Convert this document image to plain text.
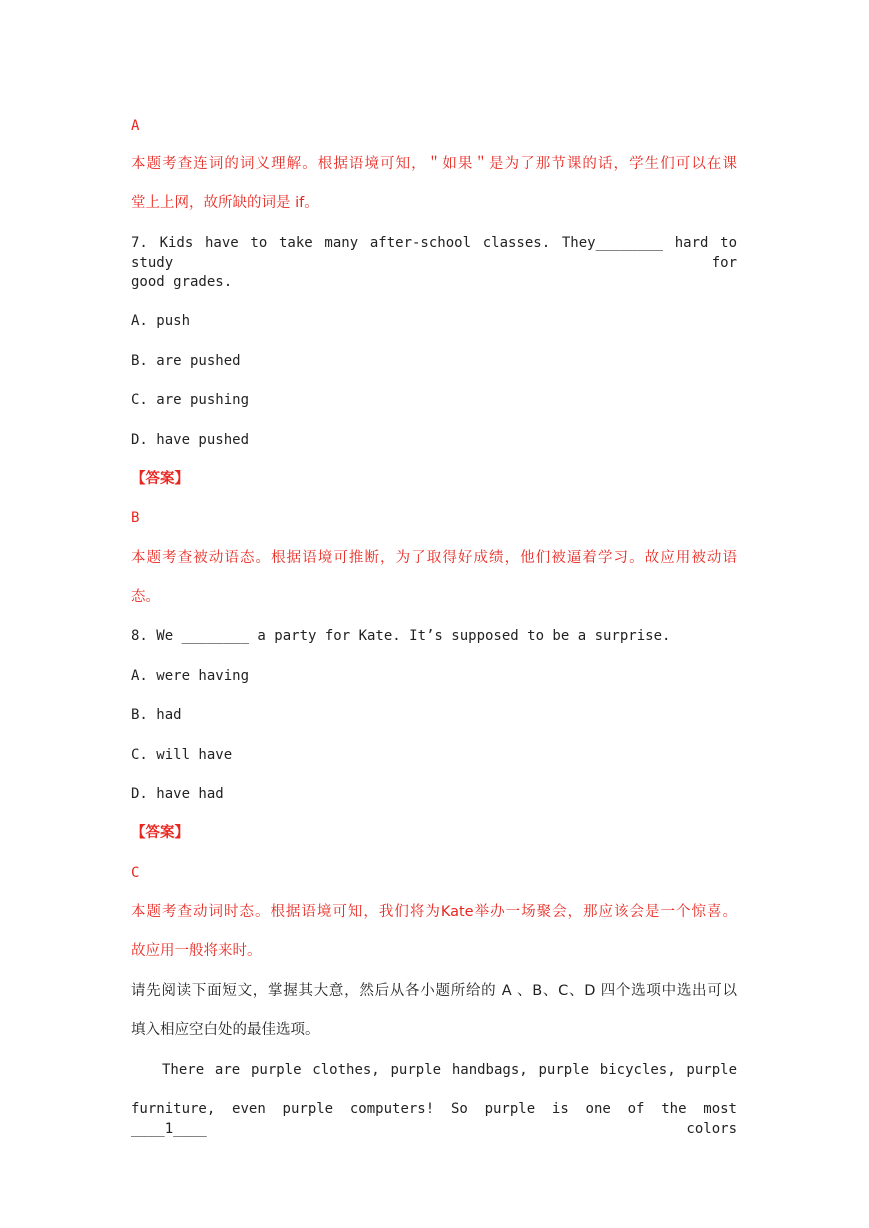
A
本题考查连词的词义理解。根据语境可知，＂如果＂是为了那节课的话，学生们可以在课
堂上上网，故所缺的词是 if。
7. Kids have to take many after-school classes. They________ hard to study for
good grades.
A. push
B. are pushed
C. are pushing
D. have pushed
【答案】
B
本题考查被动语态。根据语境可推断，为了取得好成绩，他们被逼着学习。故应用被动语
态。
8. We ________ a party for Kate. It’s supposed to be a surprise.
A. were having
B. had
C. will have
D. have had
【答案】
C
本题考查动词时态。根据语境可知，我们将为Kate举办一场聚会，那应该会是一个惊喜。
故应用一般将来时。
请先阅读下面短文，掌握其大意，然后从各小题所给的 A 、B、C、D 四个选项中选出可以
填入相应空白处的最佳选项。
There are purple clothes, purple handbags, purple bicycles, purple
furniture, even purple computers! So purple is one of the most ____1____ colors
